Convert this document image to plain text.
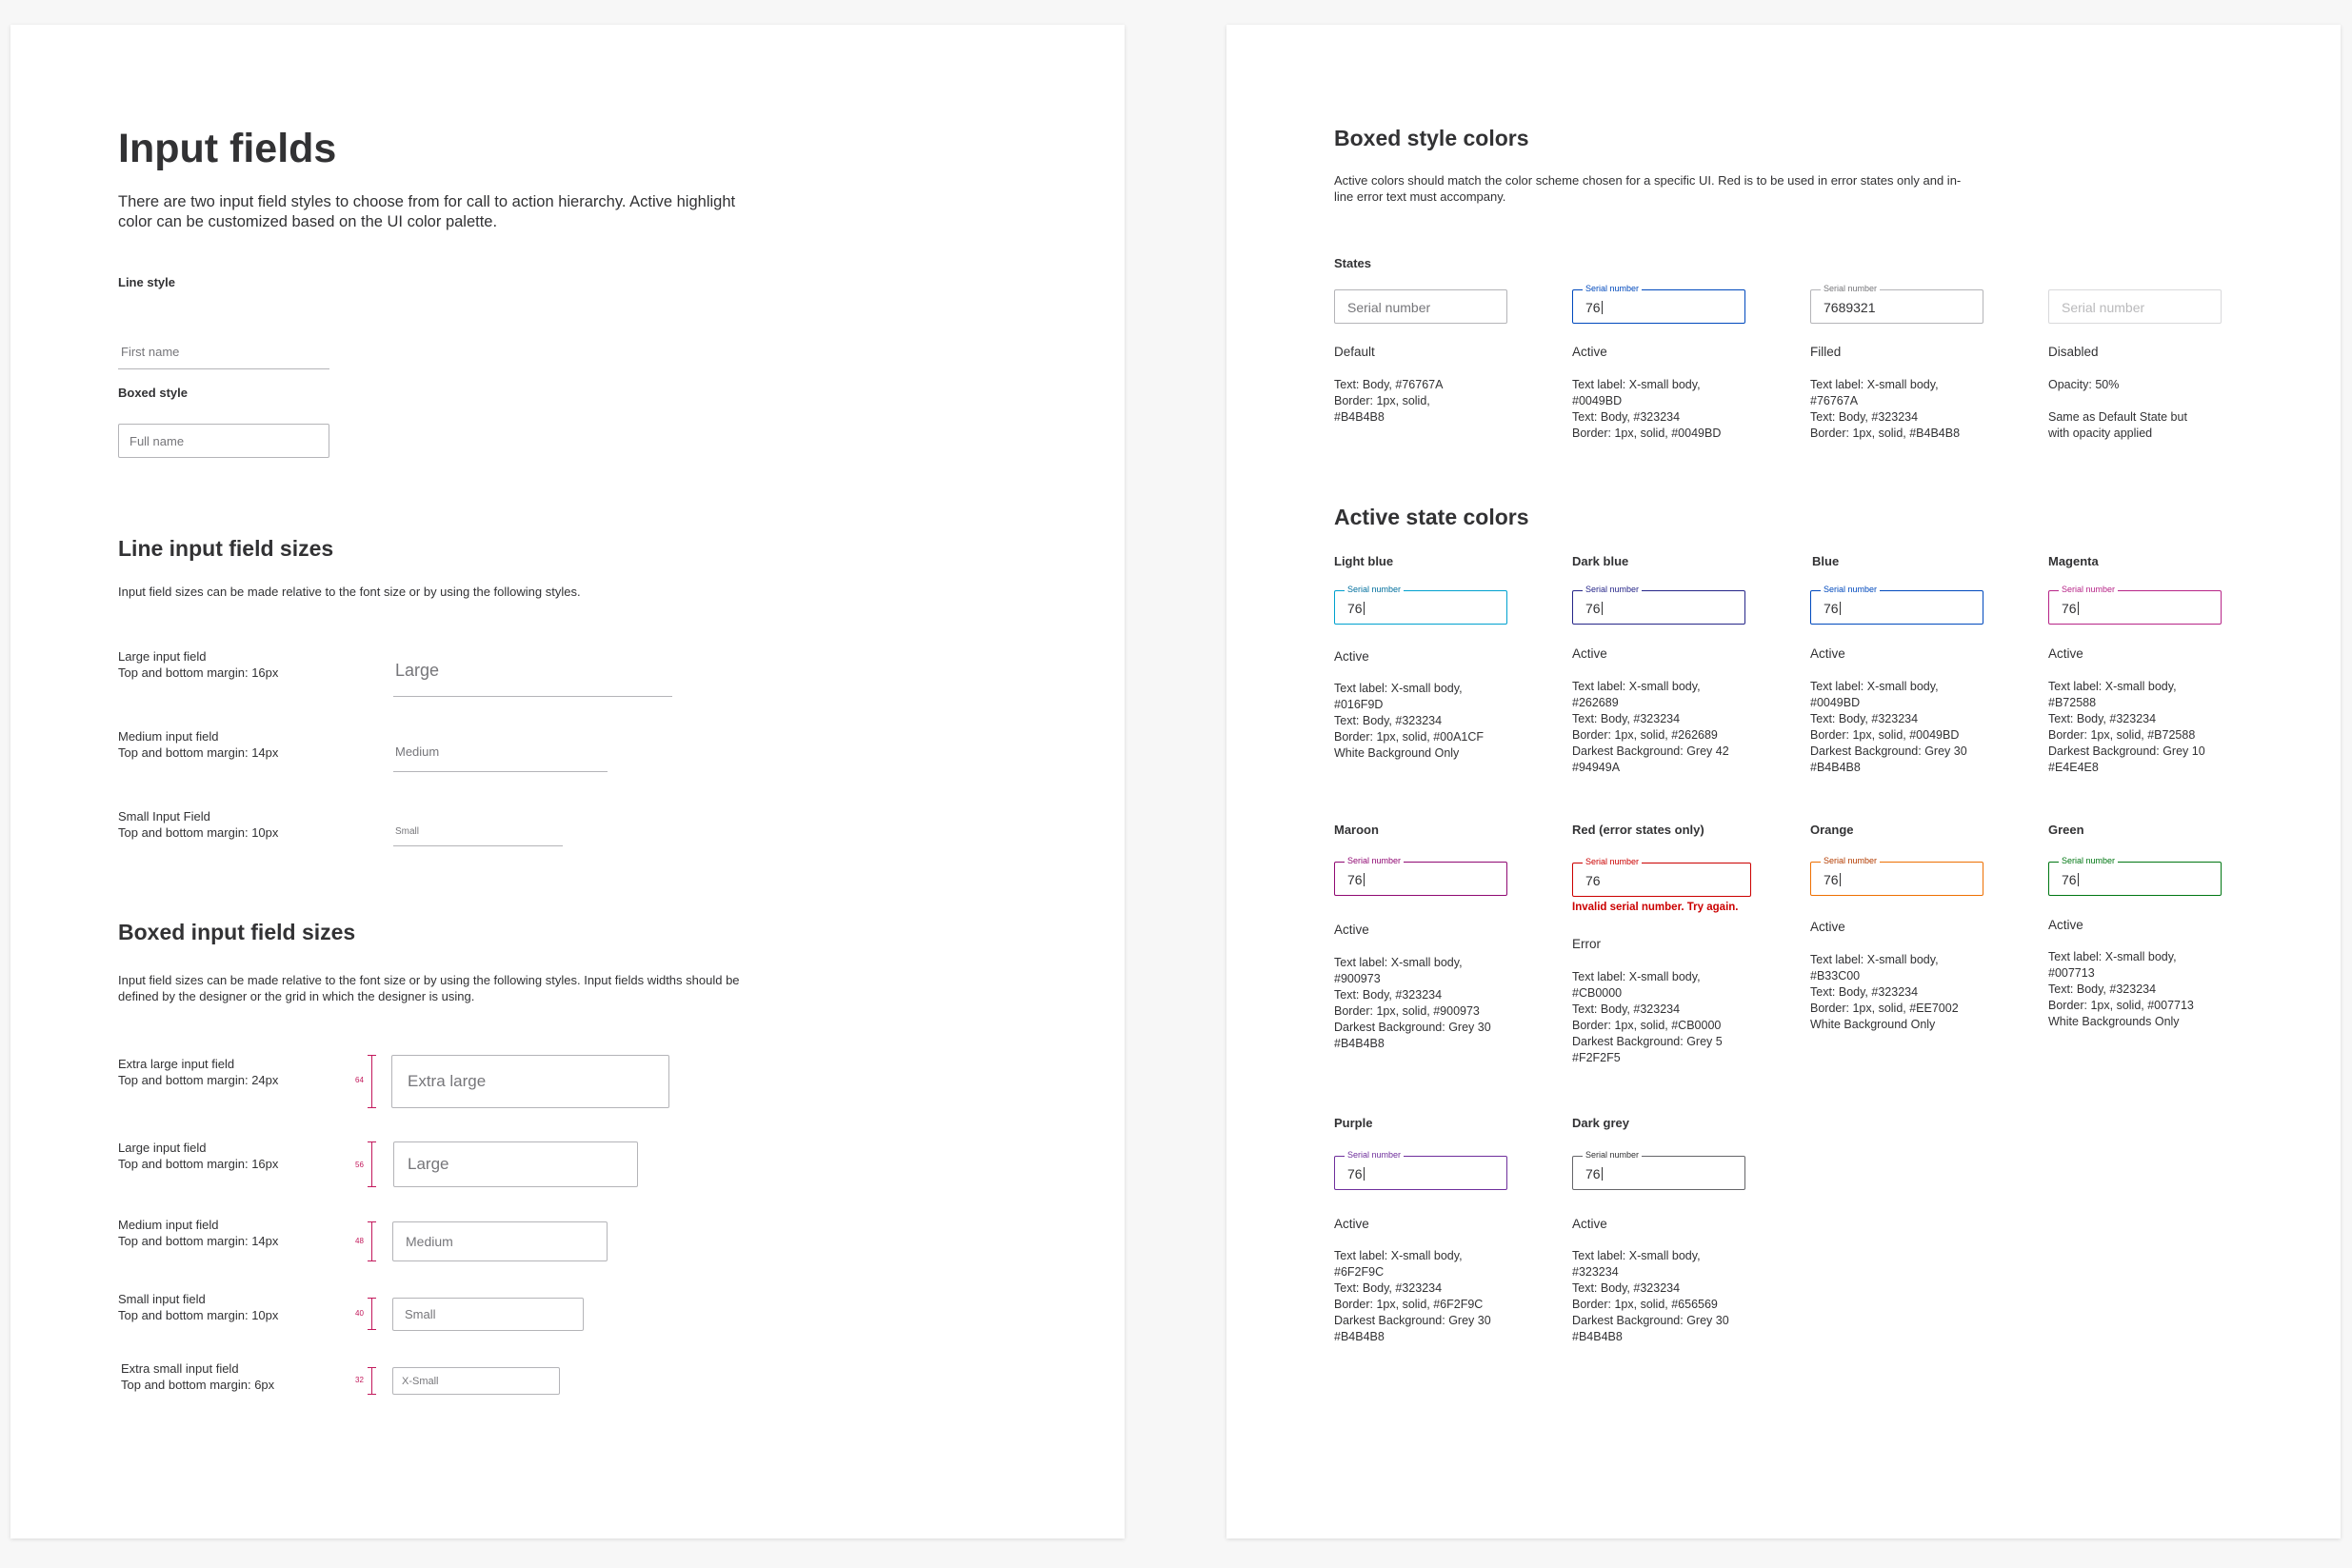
Input fields
There are two input field styles to choose from for call to action hierarchy. Active highlight color can be customized based on the UI color palette.
Line style
First name
Boxed style
Full name
Line input field sizes
Input field sizes can be made relative to the font size or by using the following styles.
Large input field
Top and bottom margin: 16px	Large
Medium input field
Top and bottom margin: 14px	Medium
Small Input Field
Top and bottom margin: 10px	Small
Boxed input field sizes
Input field sizes can be made relative to the font size or by using the following styles. Input fields widths should be defined by the designer or the grid in which the designer is using.
Extra large input field
Top and bottom margin: 24px	64	Extra large
Large input field
Top and bottom margin: 16px	56	Large
Medium input field
Top and bottom margin: 14px	48	Medium
Small input field
Top and bottom margin: 10px	40	Small
Extra small input field
Top and bottom margin: 6px	32	X-Small
Boxed style colors
Active colors should match the color scheme chosen for a specific UI. Red is to be used in error states only and in-line error text must accompany.
States
Serial number
Default
Text: Body, #76767A
Border: 1px, solid,
#B4B4B8
Serial number
76
Active
Text label: X-small body,
#0049BD
Text: Body, #323234
Border: 1px, solid, #0049BD
Serial number
7689321
Filled
Text label: X-small body,
#76767A
Text: Body, #323234
Border: 1px, solid, #B4B4B8
Serial number
Disabled
Opacity: 50%

Same as Default State but
with opacity applied
Active state colors
Light blue
Serial number
76
Active
Text label: X-small body,
#016F9D
Text: Body, #323234
Border: 1px, solid, #00A1CF
White Background Only
Dark blue
Serial number
76
Active
Text label: X-small body,
#262689
Text: Body, #323234
Border: 1px, solid, #262689
Darkest Background: Grey 42
#94949A
Blue
Serial number
76
Active
Text label: X-small body,
#0049BD
Text: Body, #323234
Border: 1px, solid, #0049BD
Darkest Background: Grey 30
#B4B4B8
Magenta
Serial number
76
Active
Text label: X-small body,
#B72588
Text: Body, #323234
Border: 1px, solid, #B72588
Darkest Background: Grey 10
#E4E4E8
Maroon
Serial number
76
Active
Text label: X-small body,
#900973
Text: Body, #323234
Border: 1px, solid, #900973
Darkest Background: Grey 30
#B4B4B8
Red (error states only)
Serial number
76
Invalid serial number. Try again.
Error
Text label: X-small body,
#CB0000
Text: Body, #323234
Border: 1px, solid, #CB0000
Darkest Background: Grey 5
#F2F2F5
Orange
Serial number
76
Active
Text label: X-small body,
#B33C00
Text: Body, #323234
Border: 1px, solid, #EE7002
White Background Only
Green
Serial number
76
Active
Text label: X-small body,
#007713
Text: Body, #323234
Border: 1px, solid, #007713
White Backgrounds Only
Purple
Serial number
76
Active
Text label: X-small body,
#6F2F9C
Text: Body, #323234
Border: 1px, solid, #6F2F9C
Darkest Background: Grey 30
#B4B4B8
Dark grey
Serial number
76
Active
Text label: X-small body,
#323234
Text: Body, #323234
Border: 1px, solid, #656569
Darkest Background: Grey 30
#B4B4B8
